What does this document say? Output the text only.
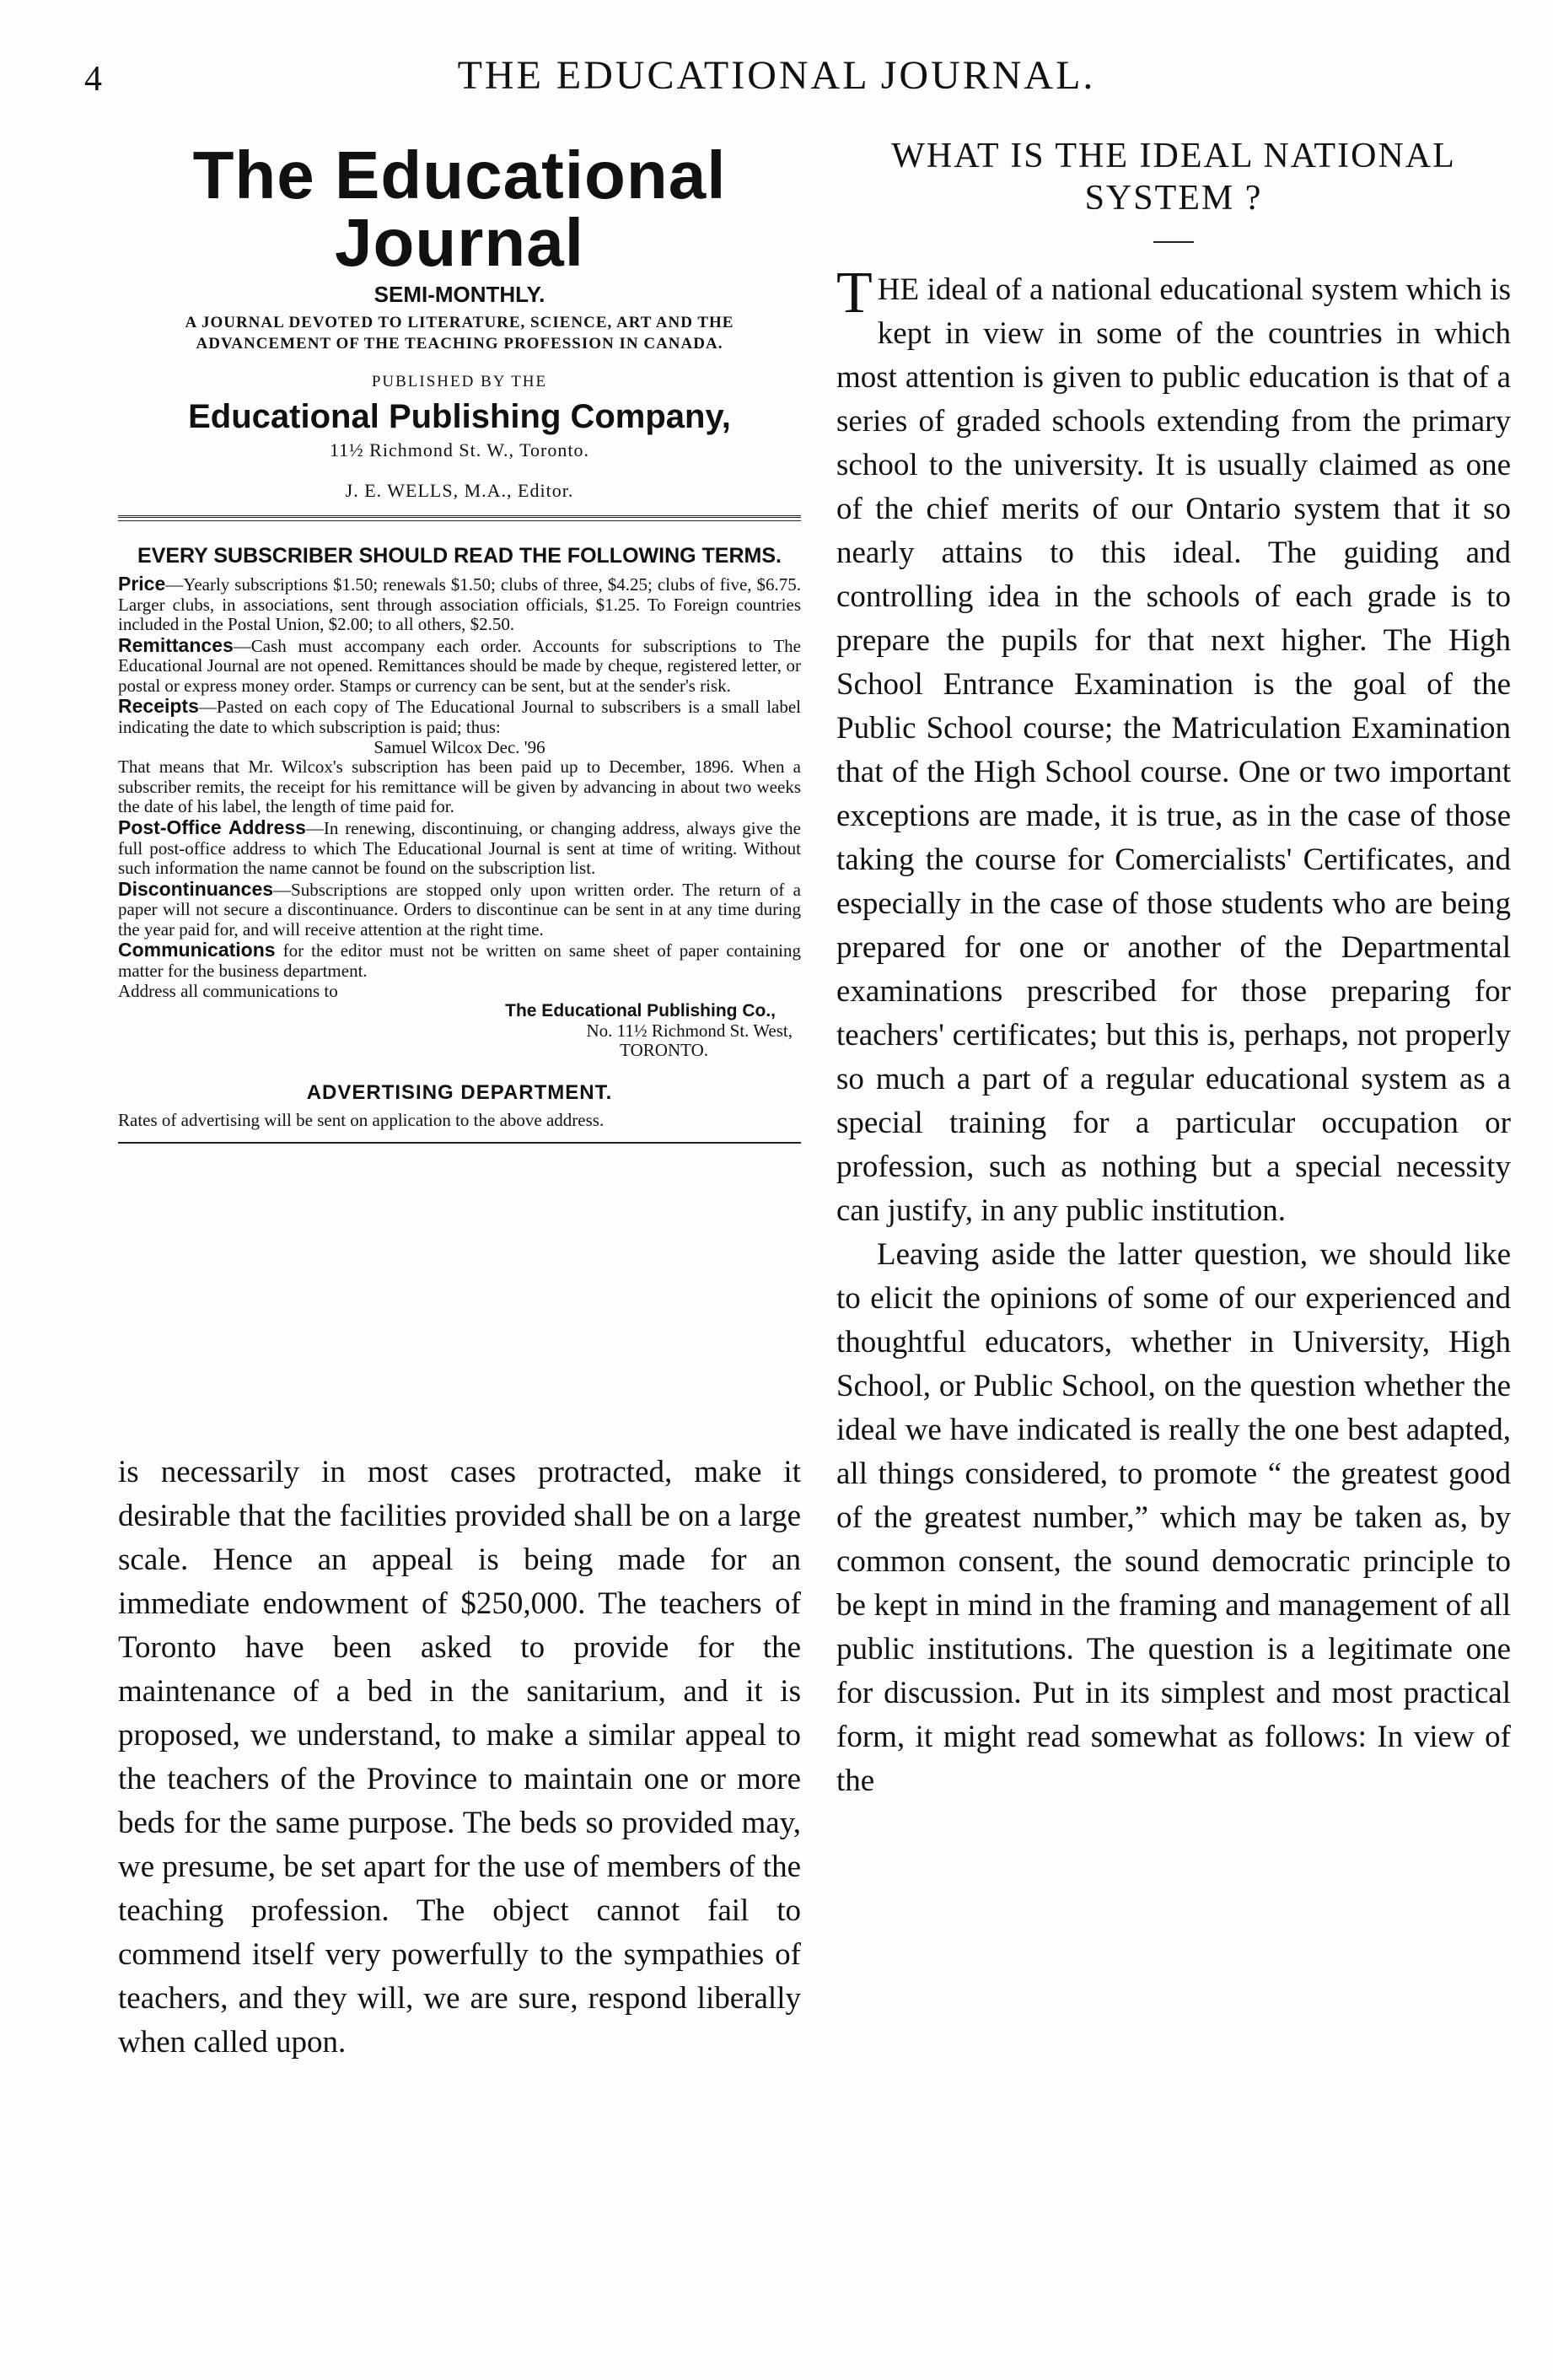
4	THE EDUCATIONAL JOURNAL.
The Educational Journal
SEMI-MONTHLY.
A JOURNAL DEVOTED TO LITERATURE, SCIENCE, ART AND THE ADVANCEMENT OF THE TEACHING PROFESSION IN CANADA.
PUBLISHED BY THE
Educational Publishing Company,
11½ Richmond St. W., Toronto.
J. E. WELLS, M.A., Editor.
EVERY SUBSCRIBER SHOULD READ THE FOLLOWING TERMS.

Price—Yearly subscriptions $1.50; renewals $1.50; clubs of three, $4.25; clubs of five, $6.75. Larger clubs, in associations, sent through association officials, $1.25. To Foreign countries included in the Postal Union, $2.00; to all others, $2.50.

Remittances—Cash must accompany each order. Accounts for subscriptions to The Educational Journal are not opened. Remittances should be made by cheque, registered letter, or postal or express money order. Stamps or currency can be sent, but at the sender's risk.

Receipts—Pasted on each copy of The Educational Journal to subscribers is a small label indicating the date to which subscription is paid; thus:

Samuel Wilcox Dec. '96

That means that Mr. Wilcox's subscription has been paid up to December, 1896. When a subscriber remits, the receipt for his remittance will be given by advancing in about two weeks the date of his label, the length of time paid for.

Post-Office Address—In renewing, discontinuing, or changing address, always give the full post-office address to which The Educational Journal is sent at time of writing. Without such information the name cannot be found on the subscription list.

Discontinuances—Subscriptions are stopped only upon written order. The return of a paper will not secure a discontinuance. Orders to discontinue can be sent in at any time during the year paid for, and will receive attention at the right time.

Communications for the editor must not be written on same sheet of paper containing matter for the business department.

Address all communications to

The Educational Publishing Co.,

No. 11½ Richmond St. West,

TORONTO.

ADVERTISING DEPARTMENT.
Rates of advertising will be sent on application to the above address.
is necessarily in most cases protracted, make it desirable that the facilities provided shall be on a large scale. Hence an appeal is being made for an immediate endowment of $250,000. The teachers of Toronto have been asked to provide for the maintenance of a bed in the sanitarium, and it is proposed, we understand, to make a similar appeal to the teachers of the Province to maintain one or more beds for the same purpose. The beds so provided may, we presume, be set apart for the use of members of the teaching profession. The object cannot fail to commend itself very powerfully to the sympathies of teachers, and they will, we are sure, respond liberally when called upon.
WHAT IS THE IDEAL NATIONAL SYSTEM ?

THE ideal of a national educational system which is kept in view in some of the countries in which most attention is given to public education is that of a series of graded schools extending from the primary school to the university. It is usually claimed as one of the chief merits of our Ontario system that it so nearly attains to this ideal. The guiding and controlling idea in the schools of each grade is to prepare the pupils for that next higher. The High School Entrance Examination is the goal of the Public School course; the Matriculation Examination that of the High School course. One or two important exceptions are made, it is true, as in the case of those taking the course for Comercialists' Certificates, and especially in the case of those students who are being prepared for one or another of the Departmental examinations prescribed for those preparing for teachers' certificates; but this is, perhaps, not properly so much a part of a regular educational system as a special training for a particular occupation or profession, such as nothing but a special necessity can justify, in any public institution.

Leaving aside the latter question, we should like to elicit the opinions of some of our experienced and thoughtful educators, whether in University, High School, or Public School, on the question whether the ideal we have indicated is really the one best adapted, all things considered, to promote “ the greatest good of the greatest number,” which may be taken as, by common consent, the sound democratic principle to be kept in mind in the framing and management of all public institutions. The question is a legitimate one for discussion. Put in its simplest and most practical form, it might read somewhat as follows: In view of the
